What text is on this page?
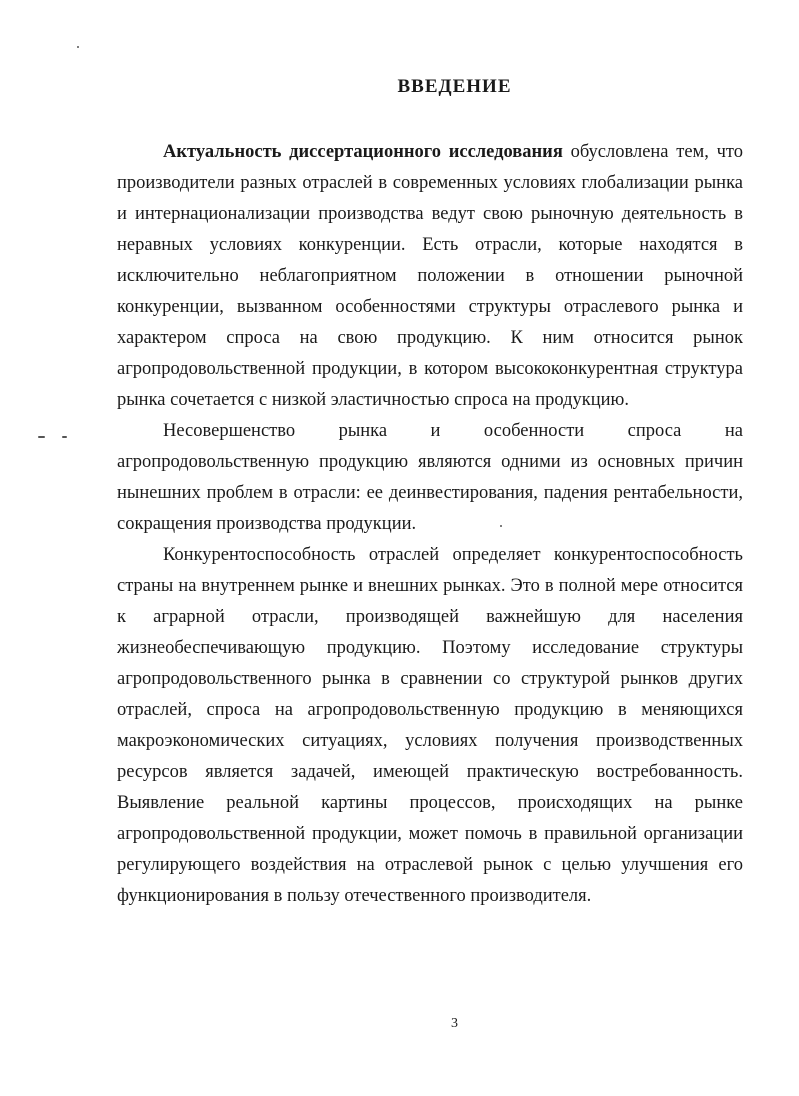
ВВЕДЕНИЕ

Актуальность диссертационного исследования обусловлена тем, что производители разных отраслей в современных условиях глобализации рынка и интернационализации производства ведут свою рыночную деятельность в неравных условиях конкуренции. Есть отрасли, которые находятся в исключительно неблагоприятном положении в отношении рыночной конкуренции, вызванном особенностями структуры отраслевого рынка и характером спроса на свою продукцию. К ним относится рынок агропродовольственной продукции, в котором высококонкурентная структура рынка сочетается с низкой эластичностью спроса на продукцию.

Несовершенство рынка и особенности спроса на агропродовольственную продукцию являются одними из основных причин нынешних проблем в отрасли: ее деинвестирования, падения рентабельности, сокращения производства продукции.

Конкурентоспособность отраслей определяет конкурентоспособность страны на внутреннем рынке и внешних рынках. Это в полной мере относится к аграрной отрасли, производящей важнейшую для населения жизнеобеспечивающую продукцию. Поэтому исследование структуры агропродовольственного рынка в сравнении со структурой рынков других отраслей, спроса на агропродовольственную продукцию в меняющихся макроэкономических ситуациях, условиях получения производственных ресурсов является задачей, имеющей практическую востребованность. Выявление реальной картины процессов, происходящих на рынке агропродовольственной продукции, может помочь в правильной организации регулирующего воздействия на отраслевой рынок с целью улучшения его функционирования в пользу отечественного производителя.

3
